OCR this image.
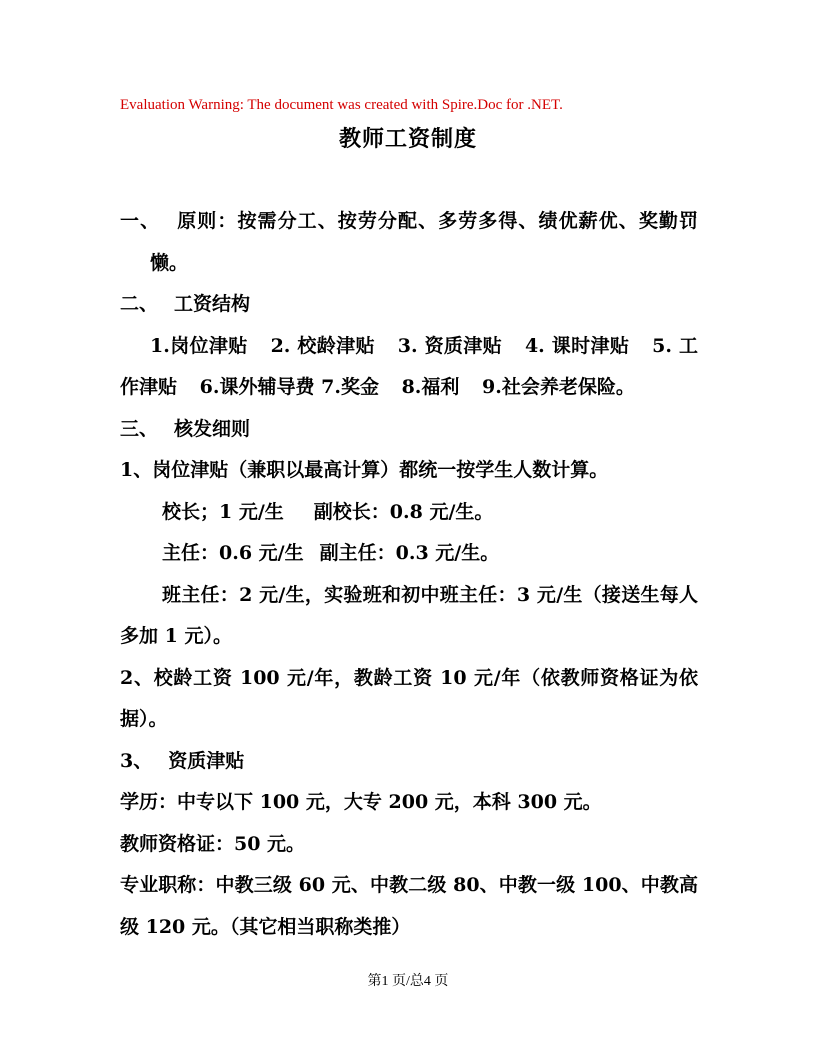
Evaluation Warning: The document was created with Spire.Doc for .NET.
教师工资制度

一、 原则：按需分工、按劳分配、多劳多得、绩优薪优、奖勤罚懒。

二、 工资结构

1.岗位津贴 2. 校龄津贴 3. 资质津贴 4. 课时津贴 5. 工作津贴 6.课外辅导费 7.奖金 8.福利 9.社会养老保险。

三、 核发细则

1、岗位津贴（兼职以最高计算）都统一按学生人数计算。

校长；1 元/生 副校长：0.8 元/生。

主任：0.6 元/生 副主任：0.3 元/生。

班主任：2 元/生，实验班和初中班主任：3 元/生（接送生每人多加 1 元）。

2、校龄工资 100 元/年，教龄工资 10 元/年（依教师资格证为依据）。

3、 资质津贴

学历：中专以下 100 元，大专 200 元，本科 300 元。

教师资格证：50 元。

专业职称：中教三级 60 元、中教二级 80、中教一级 100、中教高级 120 元。（其它相当职称类推）

第1 页/总4 页
